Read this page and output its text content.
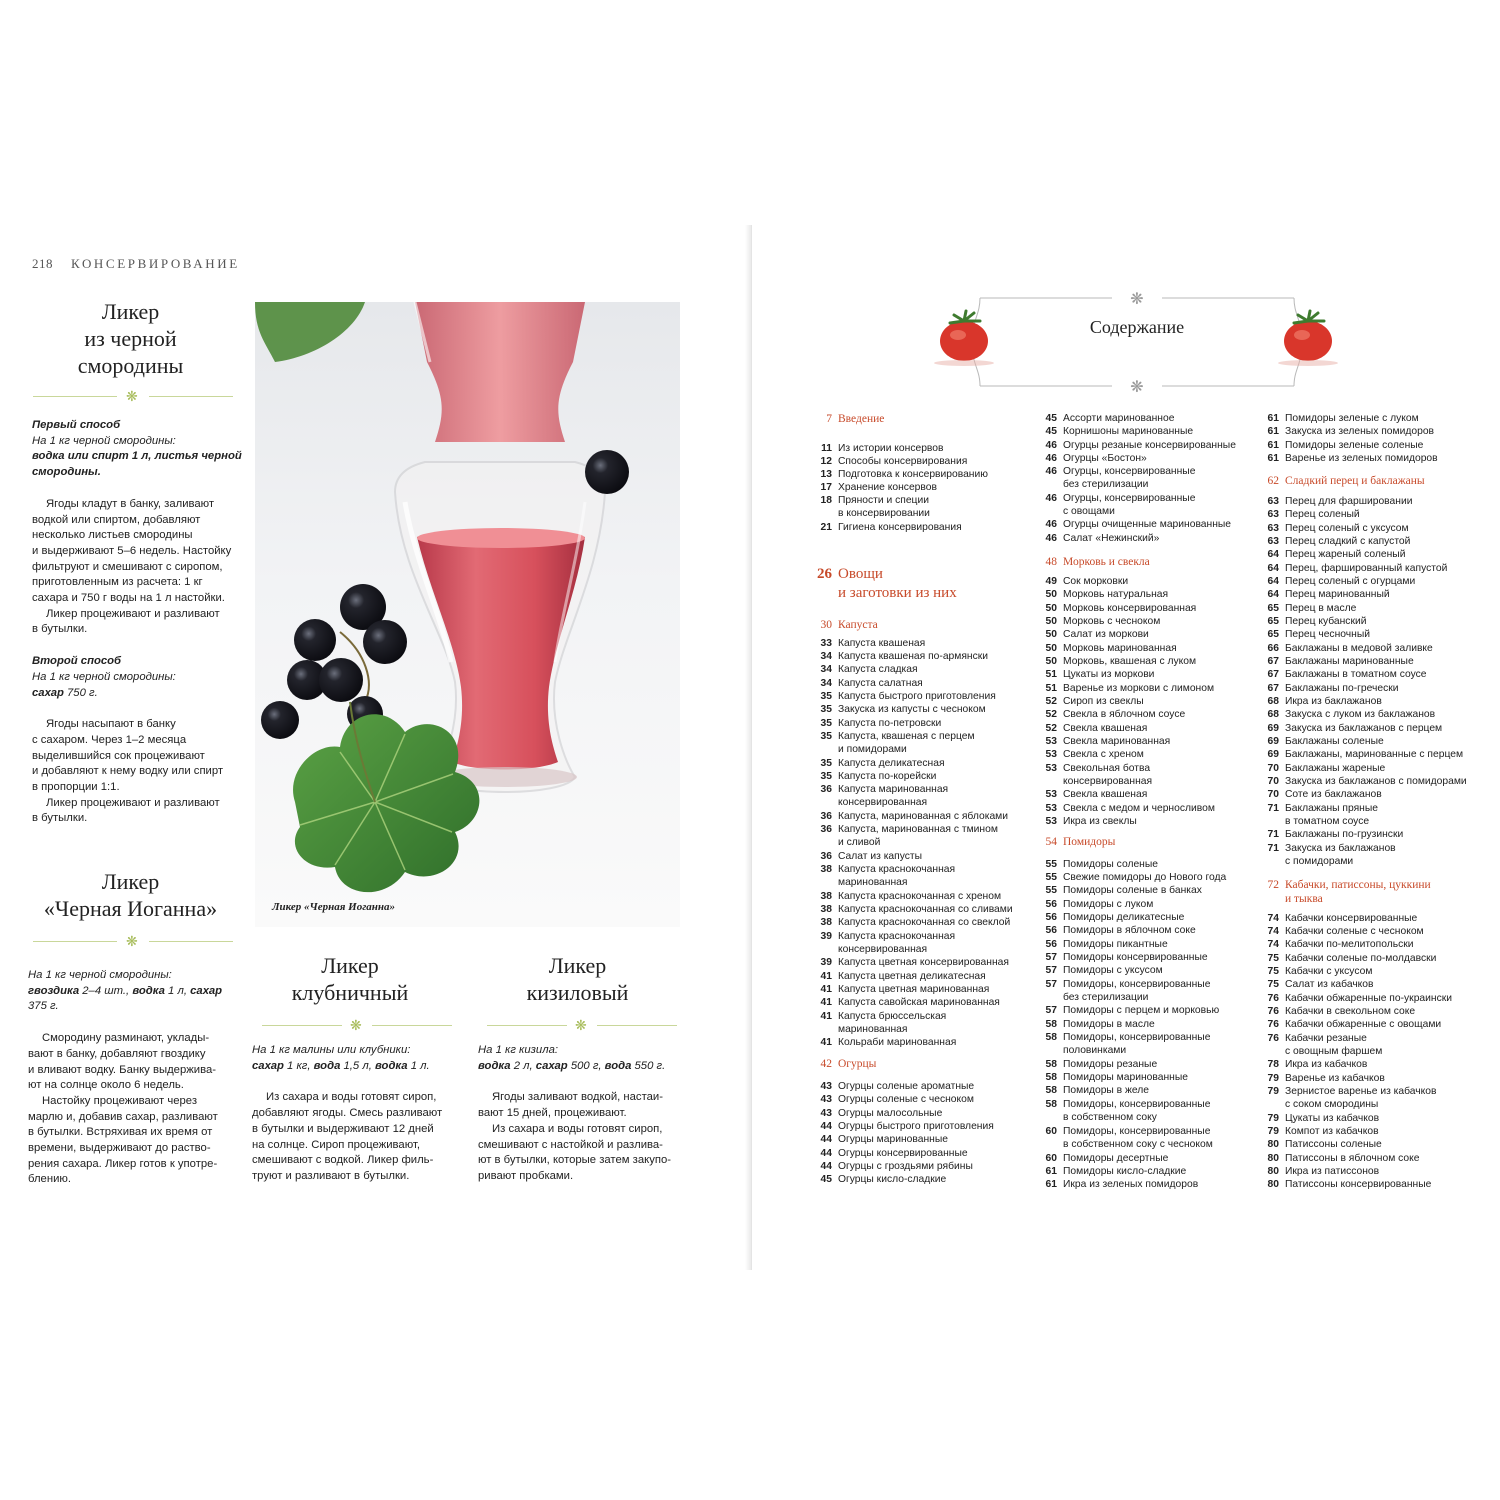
218 КОНСЕРВИРОВАНИЕ
Ликер
из черной
смородины
❋

Первый способ

На 1 кг черной смородины:

водка или спирт 1 л, листья черной смородины.

Ягоды кладут в банку, заливают

водкой или спиртом, добавляют

несколько листьев смородины

и выдерживают 5–6 недель. Настойку

фильтруют и смешивают с сиропом,

приготовленным из расчета: 1 кг

сахара и 750 г воды на 1 л настойки.

Ликер процеживают и разливают

в бутылки.

Второй способ

На 1 кг черной смородины:

сахар 750 г.

Ягоды насыпают в банку

с сахаром. Через 1–2 месяца

выделившийся сок процеживают

и добавляют к нему водку или спирт

в пропорции 1:1.

Ликер процеживают и разливают

в бутылки.

Ликер
«Черная Иоганна»
❋

На 1 кг черной смородины:

гвоздика 2–4 шт., водка 1 л, сахар

375 г.

Смородину разминают, уклады-

вают в банку, добавляют гвоздику

и вливают водку. Банку выдержива-

ют на солнце около 6 недель.

Настойку процеживают через

марлю и, добавив сахар, разливают

в бутылки. Встряхивая их время от

времени, выдерживают до раство-

рения сахара. Ликер готов к употре-

блению.

Ликер «Черная Иоганна»
Ликер
клубничный
❋

На 1 кг малины или клубники:

сахар 1 кг, вода 1,5 л, водка 1 л.

Из сахара и воды готовят сироп,

добавляют ягоды. Смесь разливают

в бутылки и выдерживают 12 дней

на солнце. Сироп процеживают,

смешивают с водкой. Ликер филь-

труют и разливают в бутылки.

Ликер
кизиловый
❋

На 1 кг кизила:

водка 2 л, сахар 500 г, вода 550 г.

Ягоды заливают водкой, настаи-

вают 15 дней, процеживают.

Из сахара и воды готовят сироп,

смешивают с настойкой и разлива-

ют в бутылки, которые затем закупо-

ривают пробками.

❋
❋
Содержание
7 Введение
11 Из истории консервов
12 Способы консервирования
13 Подготовка к консервированию
17 Хранение консервов
18 Пряности и специи
в консервировании
21 Гигиена консервирования
26 Овощи
и заготовки из них
30 Капуста
33 Капуста квашеная
34 Капуста квашеная по-армянски
34 Капуста сладкая
34 Капуста салатная
35 Капуста быстрого приготовления
35 Закуска из капусты с чесноком
35 Капуста по-петровски
35 Капуста, квашеная с перцем
и помидорами
35 Капуста деликатесная
35 Капуста по-корейски
36 Капуста маринованная
консервированная
36 Капуста, маринованная с яблоками
36 Капуста, маринованная с тмином
и сливой
36 Салат из капусты
38 Капуста краснокочанная
маринованная
38 Капуста краснокочанная с хреном
38 Капуста краснокочанная со сливами
38 Капуста краснокочанная со свеклой
39 Капуста краснокочанная
консервированная
39 Капуста цветная консервированная
41 Капуста цветная деликатесная
41 Капуста цветная маринованная
41 Капуста савойская маринованная
41 Капуста брюссельская
маринованная
41 Кольраби маринованная
42 Огурцы
43 Огурцы соленые ароматные
43 Огурцы соленые с чесноком
43 Огурцы малосольные
44 Огурцы быстрого приготовления
44 Огурцы маринованные
44 Огурцы консервированные
44 Огурцы с гроздьями рябины
45 Огурцы кисло-сладкие
45 Ассорти маринованное
45 Корнишоны маринованные
46 Огурцы резаные консервированные
46 Огурцы «Бостон»
46 Огурцы, консервированные
без стерилизации
46 Огурцы, консервированные
с овощами
46 Огурцы очищенные маринованные
46 Салат «Нежинский»
48 Морковь и свекла
49 Сок морковки
50 Морковь натуральная
50 Морковь консервированная
50 Морковь с чесноком
50 Салат из моркови
50 Морковь маринованная
50 Морковь, квашеная с луком
51 Цукаты из моркови
51 Варенье из моркови с лимоном
52 Сироп из свеклы
52 Свекла в яблочном соусе
52 Свекла квашеная
53 Свекла маринованная
53 Свекла с хреном
53 Свекольная ботва
консервированная
53 Свекла квашеная
53 Свекла с медом и черносливом
53 Икра из свеклы
54 Помидоры
55 Помидоры соленые
55 Свежие помидоры до Нового года
55 Помидоры соленые в банках
56 Помидоры с луком
56 Помидоры деликатесные
56 Помидоры в яблочном соке
56 Помидоры пикантные
57 Помидоры консервированные
57 Помидоры с уксусом
57 Помидоры, консервированные
без стерилизации
57 Помидоры с перцем и морковью
58 Помидоры в масле
58 Помидоры, консервированные
половинками
58 Помидоры резаные
58 Помидоры маринованные
58 Помидоры в желе
58 Помидоры, консервированные
в собственном соку
60 Помидоры, консервированные
в собственном соку с чесноком
60 Помидоры десертные
61 Помидоры кисло-сладкие
61 Икра из зеленых помидоров
61 Помидоры зеленые с луком
61 Закуска из зеленых помидоров
61 Помидоры зеленые соленые
61 Варенье из зеленых помидоров
62 Сладкий перец и баклажаны
63 Перец для фаршировании
63 Перец соленый
63 Перец соленый с уксусом
63 Перец сладкий с капустой
64 Перец жареный соленый
64 Перец, фаршированный капустой
64 Перец соленый с огурцами
64 Перец маринованный
65 Перец в масле
65 Перец кубанский
65 Перец чесночный
66 Баклажаны в медовой заливке
67 Баклажаны маринованные
67 Баклажаны в томатном соусе
67 Баклажаны по-гречески
68 Икра из баклажанов
68 Закуска с луком из баклажанов
69 Закуска из баклажанов с перцем
69 Баклажаны соленые
69 Баклажаны, маринованные с перцем
70 Баклажаны жареные
70 Закуска из баклажанов с помидорами
70 Соте из баклажанов
71 Баклажаны пряные
в томатном соусе
71 Баклажаны по-грузински
71 Закуска из баклажанов
с помидорами
72 Кабачки, патиссоны, цуккини
и тыква
74 Кабачки консервированные
74 Кабачки соленые с чесноком
74 Кабачки по-мелитопольски
75 Кабачки соленые по-молдавски
75 Кабачки с уксусом
75 Салат из кабачков
76 Кабачки обжаренные по-украински
76 Кабачки в свекольном соке
76 Кабачки обжаренные с овощами
76 Кабачки резаные
с овощным фаршем
78 Икра из кабачков
79 Варенье из кабачков
79 Зернистое варенье из кабачков
с соком смородины
79 Цукаты из кабачков
79 Компот из кабачков
80 Патиссоны соленые
80 Патиссоны в яблочном соке
80 Икра из патиссонов
80 Патиссоны консервированные
